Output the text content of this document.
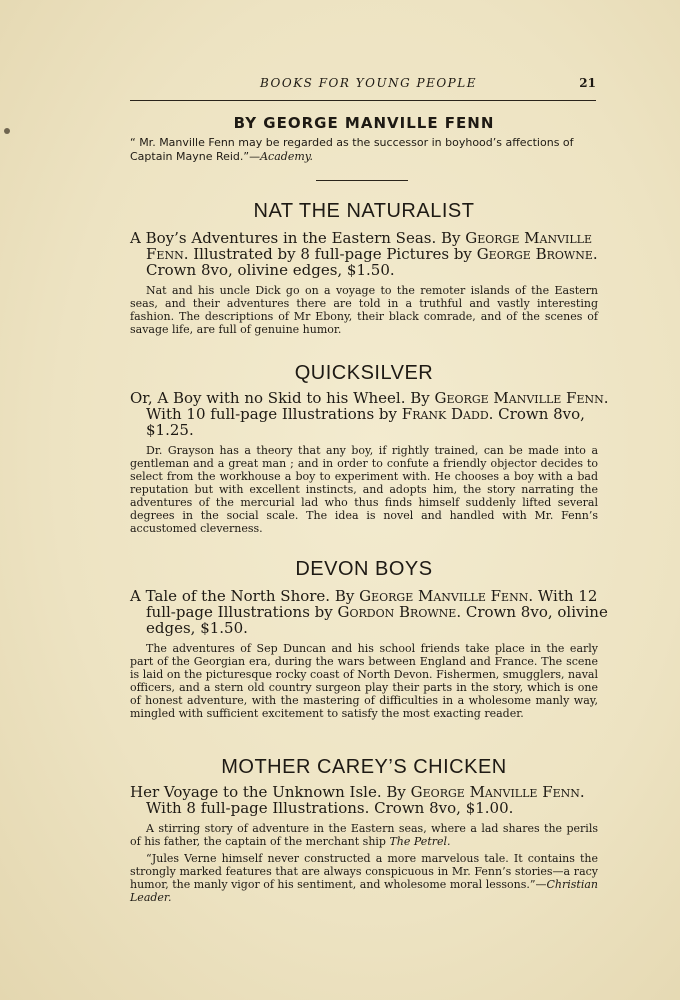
BOOKS FOR YOUNG PEOPLE	21
BY GEORGE MANVILLE FENN
“ Mr. Manville Fenn may be regarded as the successor in boyhood’s affections of Captain Mayne Reid.”—Academy.
NAT THE NATURALIST
A Boy’s Adventures in the Eastern Seas. By George Manville Fenn. Illustrated by 8 full-page Pictures by George Browne. Crown 8vo, olivine edges, $1.50.
Nat and his uncle Dick go on a voyage to the remoter islands of the Eastern seas, and their adventures there are told in a truthful and vastly interesting fashion. The descriptions of Mr Ebony, their black comrade, and of the scenes of savage life, are full of genuine humor.
QUICKSILVER
Or, A Boy with no Skid to his Wheel. By George Manville Fenn. With 10 full-page Illustrations by Frank Dadd. Crown 8vo, $1.25.
Dr. Grayson has a theory that any boy, if rightly trained, can be made into a gentleman and a great man ; and in order to confute a friendly objector decides to select from the workhouse a boy to experiment with. He chooses a boy with a bad reputation but with excellent instincts, and adopts him, the story narrating the adventures of the mercurial lad who thus finds himself suddenly lifted several degrees in the social scale. The idea is novel and handled with Mr. Fenn’s accustomed cleverness.
DEVON BOYS
A Tale of the North Shore. By George Manville Fenn. With 12 full-page Illustrations by Gordon Browne. Crown 8vo, olivine edges, $1.50.
The adventures of Sep Duncan and his school friends take place in the early part of the Georgian era, during the wars between England and France. The scene is laid on the picturesque rocky coast of North Devon. Fishermen, smugglers, naval officers, and a stern old country surgeon play their parts in the story, which is one of honest adventure, with the mastering of difficulties in a wholesome manly way, mingled with sufficient excitement to satisfy the most exacting reader.
MOTHER CAREY’S CHICKEN
Her Voyage to the Unknown Isle. By George Manville Fenn. With 8 full-page Illustrations. Crown 8vo, $1.00.
A stirring story of adventure in the Eastern seas, where a lad shares the perils of his father, the captain of the merchant ship The Petrel.
“Jules Verne himself never constructed a more marvelous tale. It contains the strongly marked features that are always conspicuous in Mr. Fenn’s stories—a racy humor, the manly vigor of his sentiment, and wholesome moral lessons.”—Christian Leader.
